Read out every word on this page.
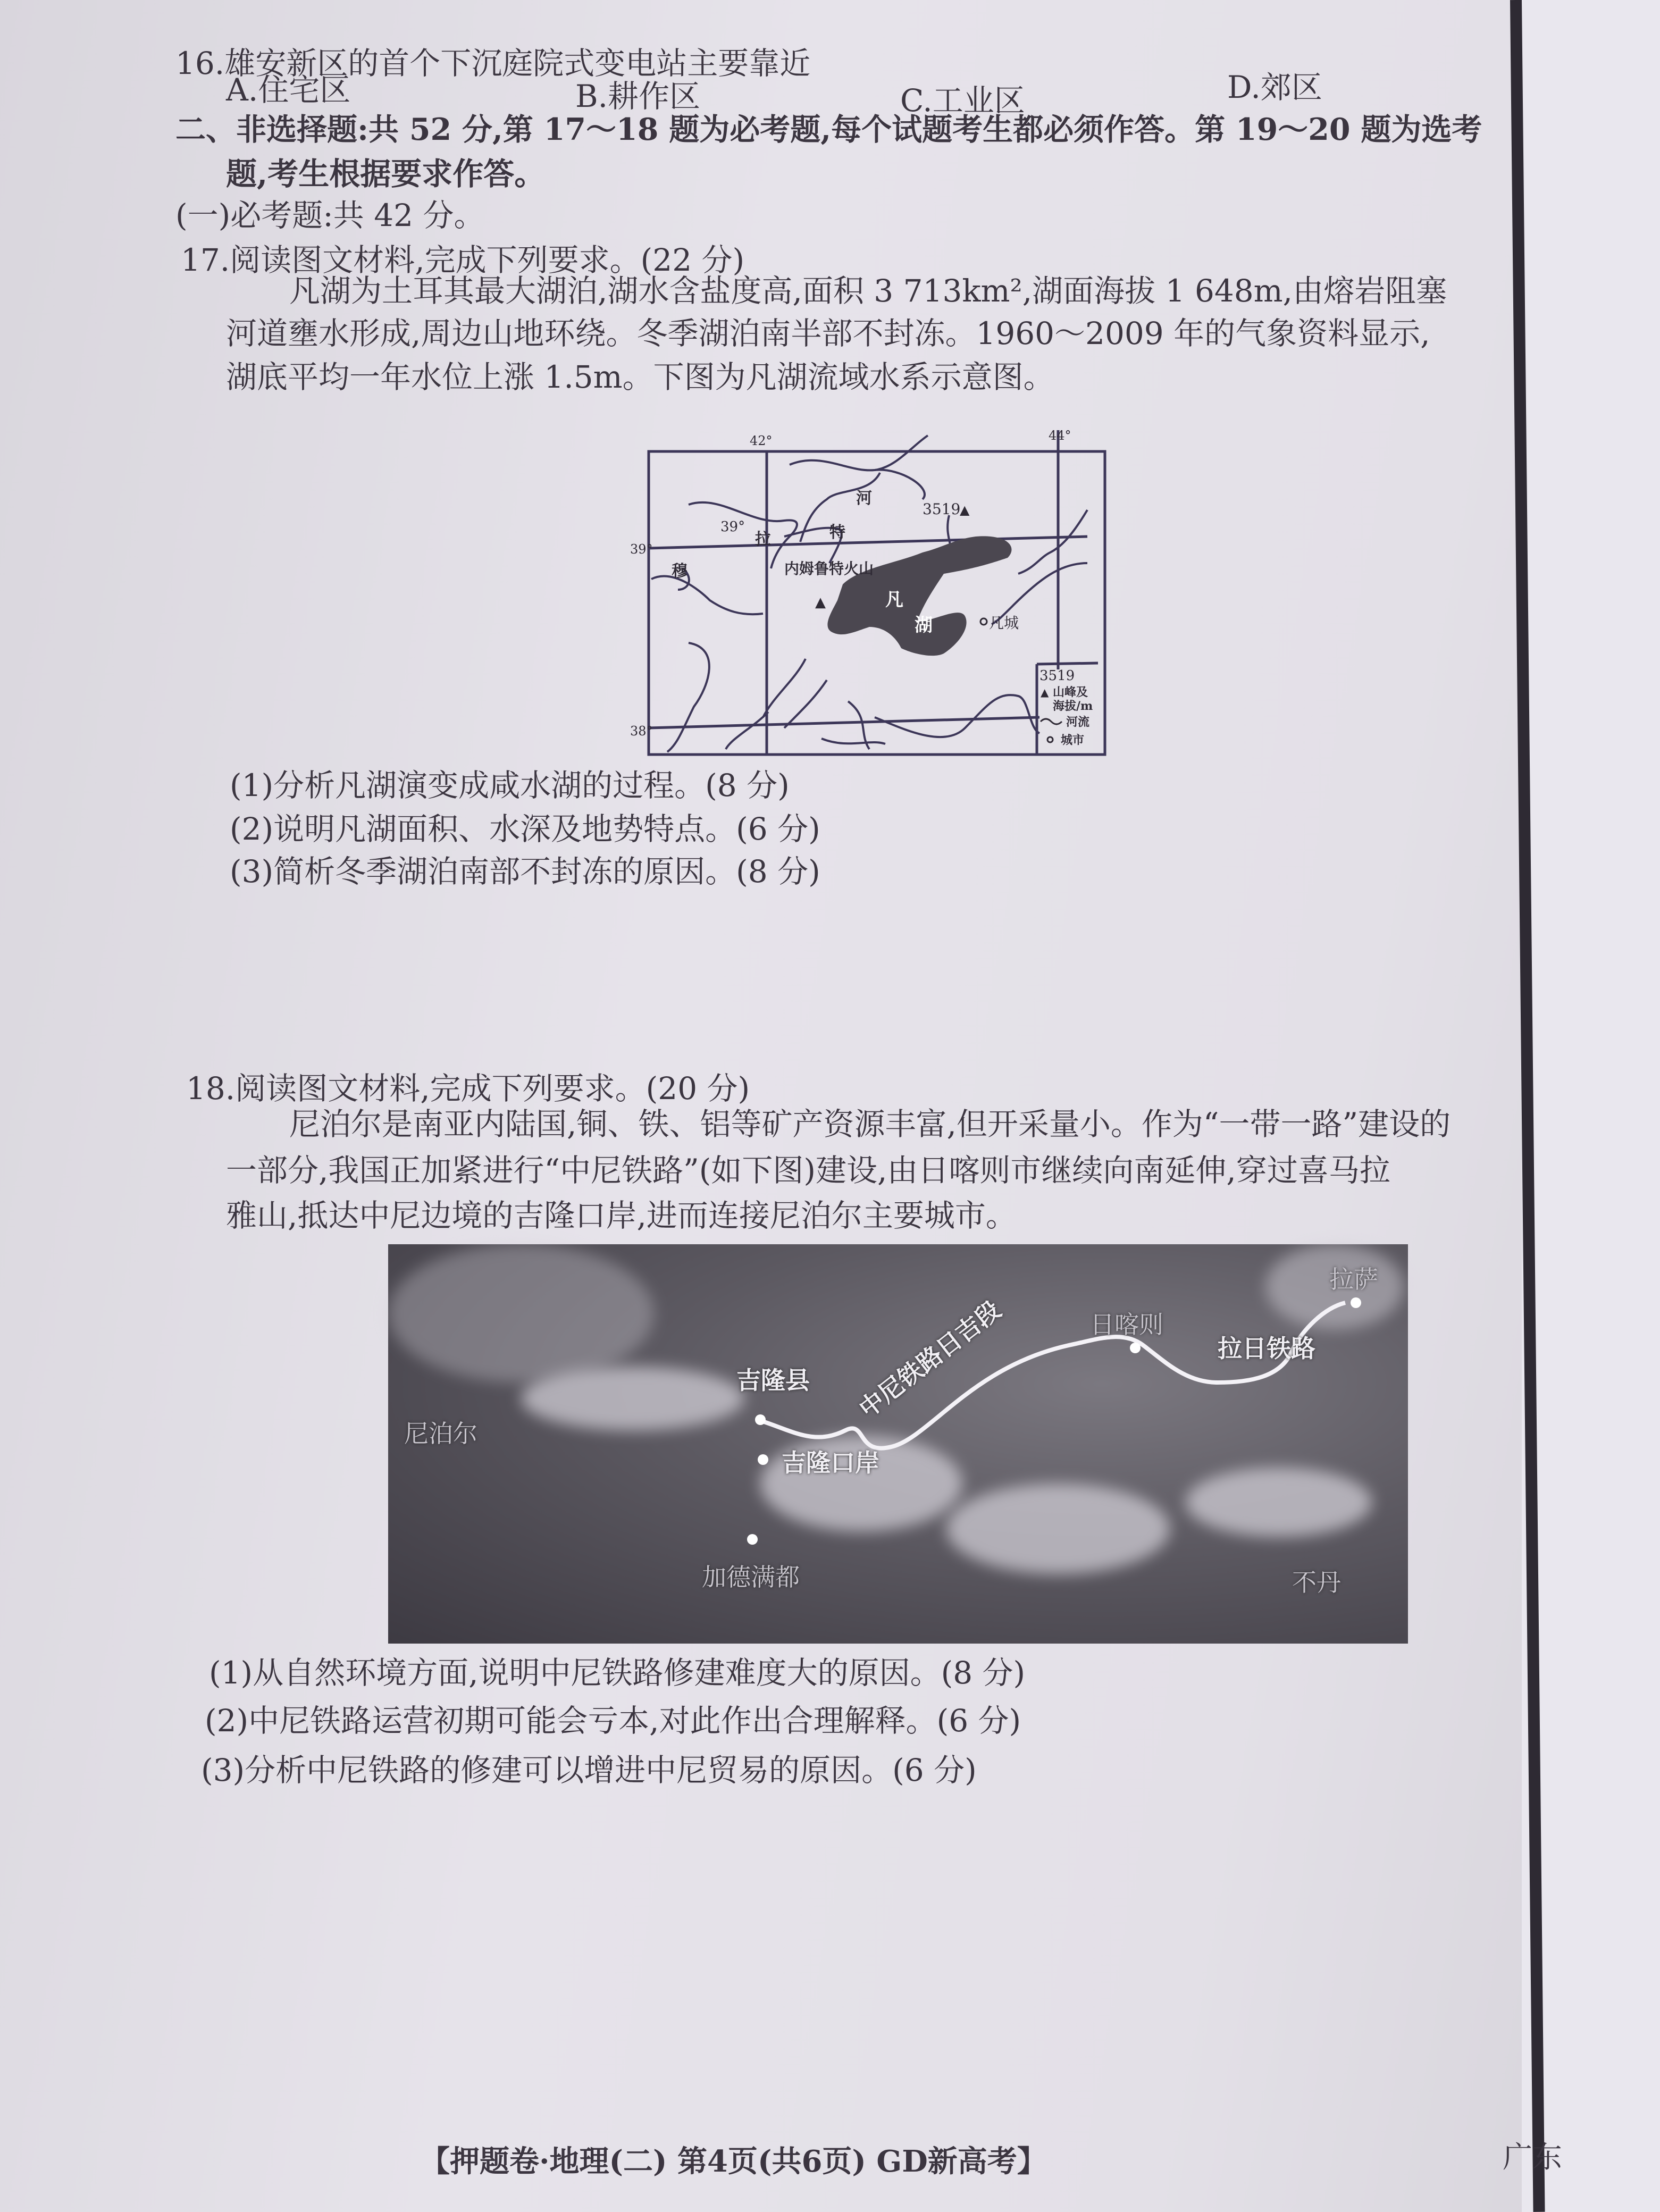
16.雄安新区的首个下沉庭院式变电站主要靠近
A.住宅区	B.耕作区	C.工业区	D.郊区
二、非选择题:共 52 分,第 17～18 题为必考题,每个试题考生都必须作答。第 19～20 题为选考
题,考生根据要求作答。
(一)必考题:共 42 分。
17.阅读图文材料,完成下列要求。(22 分)
凡湖为土耳其最大湖泊,湖水含盐度高,面积 3 713km²,湖面海拔 1 648m,由熔岩阻塞
河道壅水形成,周边山地环绕。冬季湖泊南半部不封冻。1960～2009 年的气象资料显示,
湖底平均一年水位上涨 1.5m。下图为凡湖流域水系示意图。
39°
42°	44°
39°
38°
河
特
拉
穆
3519
▲
内姆鲁特火山
▲	凡
湖	凡城
3519
▲ 山峰及
海拔/m
河流
城市
(1)分析凡湖演变成咸水湖的过程。(8 分)
(2)说明凡湖面积、水深及地势特点。(6 分)
(3)简析冬季湖泊南部不封冻的原因。(8 分)
18.阅读图文材料,完成下列要求。(20 分)
尼泊尔是南亚内陆国,铜、铁、铝等矿产资源丰富,但开采量小。作为“一带一路”建设的
一部分,我国正加紧进行“中尼铁路”(如下图)建设,由日喀则市继续向南延伸,穿过喜马拉
雅山,抵达中尼边境的吉隆口岸,进而连接尼泊尔主要城市。
拉萨
日喀则
拉日铁路
中尼铁路日吉段
吉隆县
吉隆口岸
尼泊尔
加德满都	不丹
(1)从自然环境方面,说明中尼铁路修建难度大的原因。(8 分)
(2)中尼铁路运营初期可能会亏本,对此作出合理解释。(6 分)
(3)分析中尼铁路的修建可以增进中尼贸易的原因。(6 分)
【押题卷·地理(二) 第4页(共6页) GD新高考】	广东
